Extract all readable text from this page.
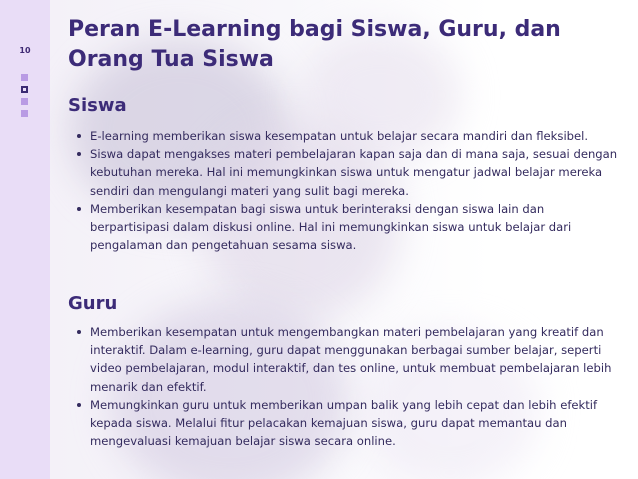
10
Peran E-Learning bagi Siswa, Guru, dan Orang Tua Siswa
Siswa
E-learning memberikan siswa kesempatan untuk belajar secara mandiri dan fleksibel.
Siswa dapat mengakses materi pembelajaran kapan saja dan di mana saja, sesuai dengan kebutuhan mereka. Hal ini memungkinkan siswa untuk mengatur jadwal belajar mereka sendiri dan mengulangi materi yang sulit bagi mereka.
Memberikan kesempatan bagi siswa untuk berinteraksi dengan siswa lain dan berpartisipasi dalam diskusi online. Hal ini memungkinkan siswa untuk belajar dari pengalaman dan pengetahuan sesama siswa.
Guru
Memberikan kesempatan untuk mengembangkan materi pembelajaran yang kreatif dan interaktif. Dalam e-learning, guru dapat menggunakan berbagai sumber belajar, seperti video pembelajaran, modul interaktif, dan tes online, untuk membuat pembelajaran lebih menarik dan efektif.
Memungkinkan guru untuk memberikan umpan balik yang lebih cepat dan lebih efektif kepada siswa. Melalui fitur pelacakan kemajuan siswa, guru dapat memantau dan mengevaluasi kemajuan belajar siswa secara online.
